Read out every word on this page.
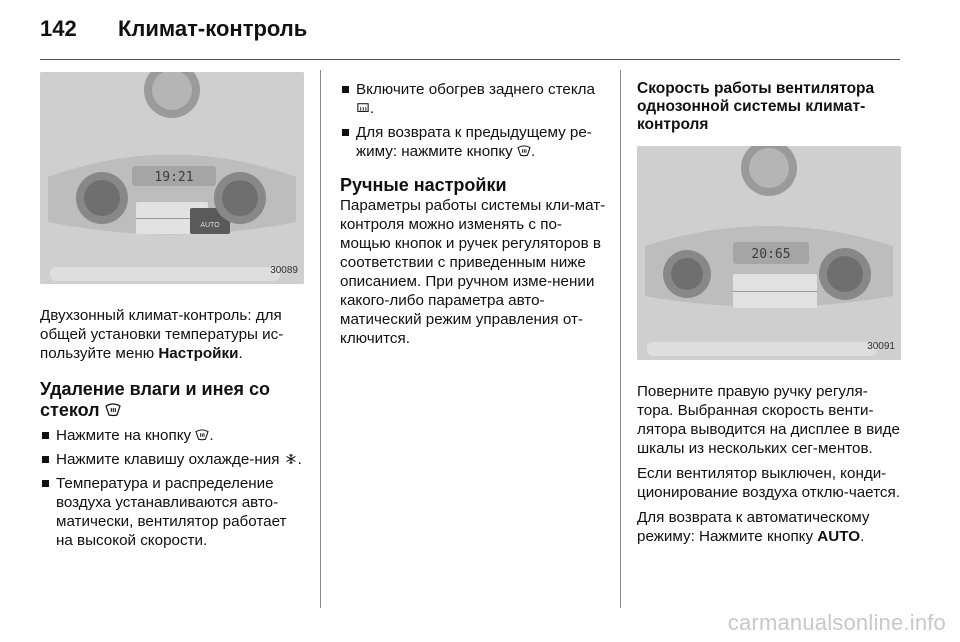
142	Климат-контроль
19:21
AUTO
30089

Двухзонный климат-контроль: для общей установки температуры ис-пользуйте меню Настройки.

Удаление влаги и инея со стекол
Нажмите на кнопку .
Нажмите клавишу охлажде-ния .
Температура и распределение воздуха устанавливаются авто-матически, вентилятор работает на высокой скорости.
Включите обогрев заднего стекла .
Для возврата к предыдущему ре-жиму: нажмите кнопку .
Ручные настройки

Параметры работы системы кли-мат-контроля можно изменять с по-мощью кнопок и ручек регуляторов в соответствии с приведенным ниже описанием. При ручном изме-нении какого-либо параметра авто-матический режим управления от-ключится.

Скорость работы вентилятора однозонной системы климат-контроля
20:65
30091

Поверните правую ручку регуля-тора. Выбранная скорость венти-лятора выводится на дисплее в виде шкалы из нескольких сег-ментов.

Если вентилятор выключен, конди-ционирование воздуха отклю-чается.

Для возврата к автоматическому режиму: Нажмите кнопку AUTO.

carmanualsonline.info
